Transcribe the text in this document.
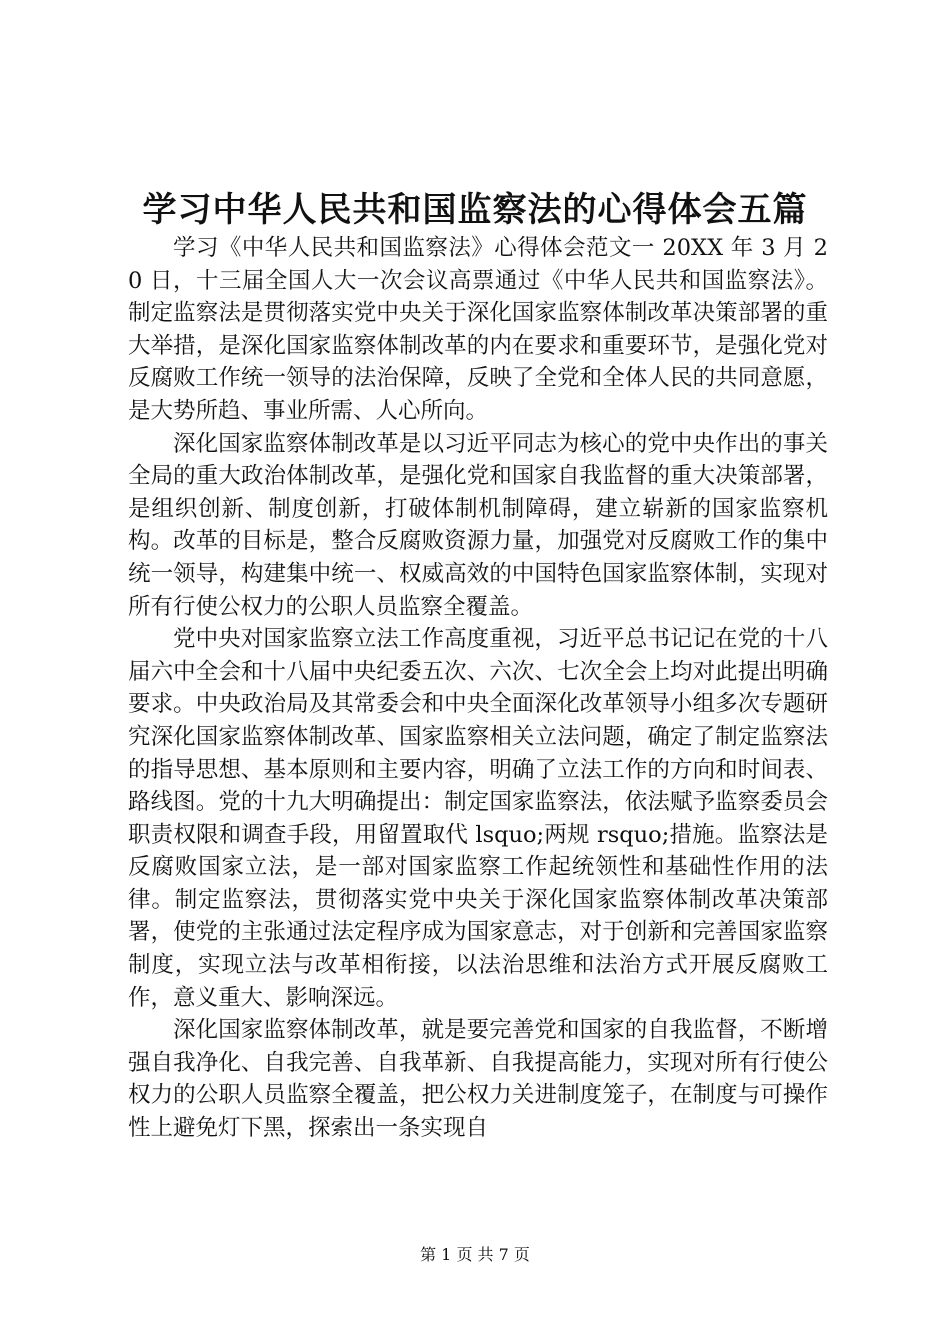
学习中华人民共和国监察法的心得体会五篇

学习《中华人民共和国监察法》心得体会范文一 20XX 年 3 月 20 日，十三届全国人大一次会议高票通过《中华人民共和国监察法》。制定监察法是贯彻落实党中央关于深化国家监察体制改革决策部署的重大举措，是深化国家监察体制改革的内在要求和重要环节，是强化党对反腐败工作统一领导的法治保障，反映了全党和全体人民的共同意愿，是大势所趋、事业所需、人心所向。

深化国家监察体制改革是以习近平同志为核心的党中央作出的事关全局的重大政治体制改革，是强化党和国家自我监督的重大决策部署，是组织创新、制度创新，打破体制机制障碍，建立崭新的国家监察机构。改革的目标是，整合反腐败资源力量，加强党对反腐败工作的集中统一领导，构建集中统一、权威高效的中国特色国家监察体制，实现对所有行使公权力的公职人员监察全覆盖。

党中央对国家监察立法工作高度重视，习近平总书记记在党的十八届六中全会和十八届中央纪委五次、六次、七次全会上均对此提出明确要求。中央政治局及其常委会和中央全面深化改革领导小组多次专题研究深化国家监察体制改革、国家监察相关立法问题，确定了制定监察法的指导思想、基本原则和主要内容，明确了立法工作的方向和时间表、路线图。党的十九大明确提出：制定国家监察法，依法赋予监察委员会职责权限和调查手段，用留置取代 lsquo;两规 rsquo;措施。监察法是反腐败国家立法，是一部对国家监察工作起统领性和基础性作用的法律。制定监察法，贯彻落实党中央关于深化国家监察体制改革决策部署，使党的主张通过法定程序成为国家意志，对于创新和完善国家监察制度，实现立法与改革相衔接，以法治思维和法治方式开展反腐败工作，意义重大、影响深远。

深化国家监察体制改革，就是要完善党和国家的自我监督，不断增强自我净化、自我完善、自我革新、自我提高能力，实现对所有行使公权力的公职人员监察全覆盖，把公权力关进制度笼子，在制度与可操作性上避免灯下黑，探索出一条实现自

第 1 页 共 7 页
